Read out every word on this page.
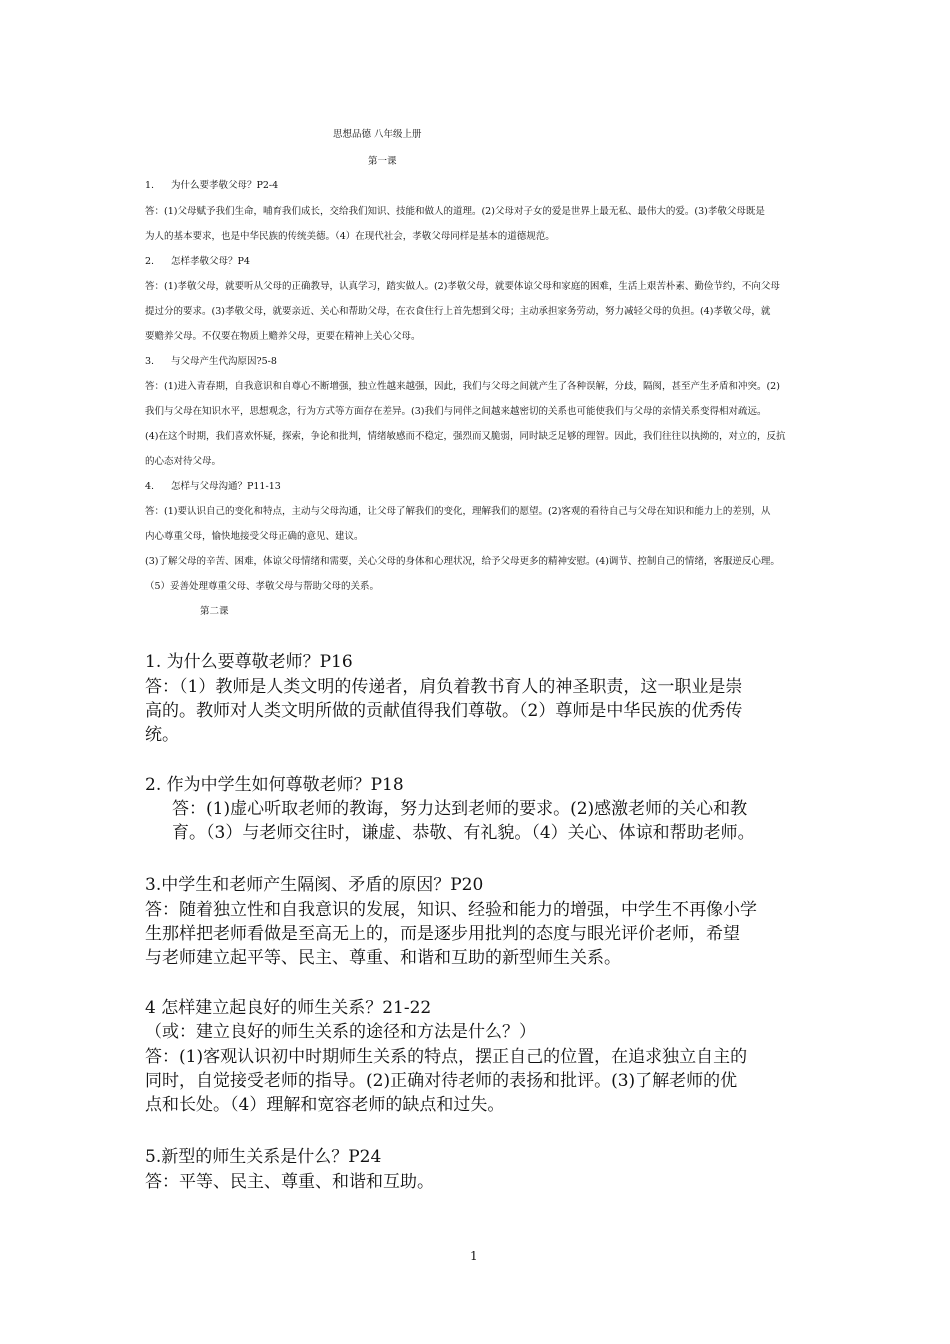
思想品德 八年级上册
第一课
1. 为什么要孝敬父母？P2-4
答：(1)父母赋予我们生命，哺育我们成长，交给我们知识、技能和做人的道理。(2)父母对子女的爱是世界上最无私、最伟大的爱。(3)孝敬父母既是
为人的基本要求，也是中华民族的传统美德。（4）在现代社会，孝敬父母同样是基本的道德规范。
2. 怎样孝敬父母？P4
答：(1)孝敬父母，就要听从父母的正确教导，认真学习，踏实做人。(2)孝敬父母，就要体谅父母和家庭的困难，生活上艰苦朴素、勤俭节约，不向父母
提过分的要求。(3)孝敬父母，就要亲近、关心和帮助父母，在衣食住行上首先想到父母；主动承担家务劳动，努力减轻父母的负担。(4)孝敬父母，就
要赡养父母。不仅要在物质上赡养父母，更要在精神上关心父母。
3. 与父母产生代沟原因?5-8
答：(1)进入青春期，自我意识和自尊心不断增强，独立性越来越强，因此，我们与父母之间就产生了各种误解，分歧，隔阂，甚至产生矛盾和冲突。(2)
我们与父母在知识水平，思想观念，行为方式等方面存在差异。(3)我们与同伴之间越来越密切的关系也可能使我们与父母的亲情关系变得相对疏远。
(4)在这个时期，我们喜欢怀疑，探索，争论和批判，情绪敏感而不稳定，强烈而又脆弱，同时缺乏足够的理智。因此，我们往往以执拗的，对立的，反抗
的心态对待父母。
4. 怎样与父母沟通？P11-13
答：(1)要认识自己的变化和特点，主动与父母沟通，让父母了解我们的变化，理解我们的愿望。(2)客观的看待自己与父母在知识和能力上的差别，从
内心尊重父母，愉快地接受父母正确的意见、建议。
(3)了解父母的辛苦、困难，体谅父母情绪和需要，关心父母的身体和心理状况，给予父母更多的精神安慰。(4)调节、控制自己的情绪，客服逆反心理。
（5）妥善处理尊重父母、孝敬父母与帮助父母的关系。
第二课
1. 为什么要尊敬老师？P16
答：（1）教师是人类文明的传递者，肩负着教书育人的神圣职责，这一职业是崇
高的。教师对人类文明所做的贡献值得我们尊敬。（2）尊师是中华民族的优秀传
统。
2. 作为中学生如何尊敬老师？P18
答：(1)虚心听取老师的教诲，努力达到老师的要求。(2)感激老师的关心和教
育。（3）与老师交往时，谦虚、恭敬、有礼貌。（4）关心、体谅和帮助老师。
3.中学生和老师产生隔阂、矛盾的原因？P20
答：随着独立性和自我意识的发展，知识、经验和能力的增强，中学生不再像小学
生那样把老师看做是至高无上的，而是逐步用批判的态度与眼光评价老师，希望
与老师建立起平等、民主、尊重、和谐和互助的新型师生关系。
4 怎样建立起良好的师生关系？21-22
（或：建立良好的师生关系的途径和方法是什么？）
答：(1)客观认识初中时期师生关系的特点，摆正自己的位置，在追求独立自主的
同时，自觉接受老师的指导。(2)正确对待老师的表扬和批评。(3)了解老师的优
点和长处。（4）理解和宽容老师的缺点和过失。
5.新型的师生关系是什么？P24
答：平等、民主、尊重、和谐和互助。
1
